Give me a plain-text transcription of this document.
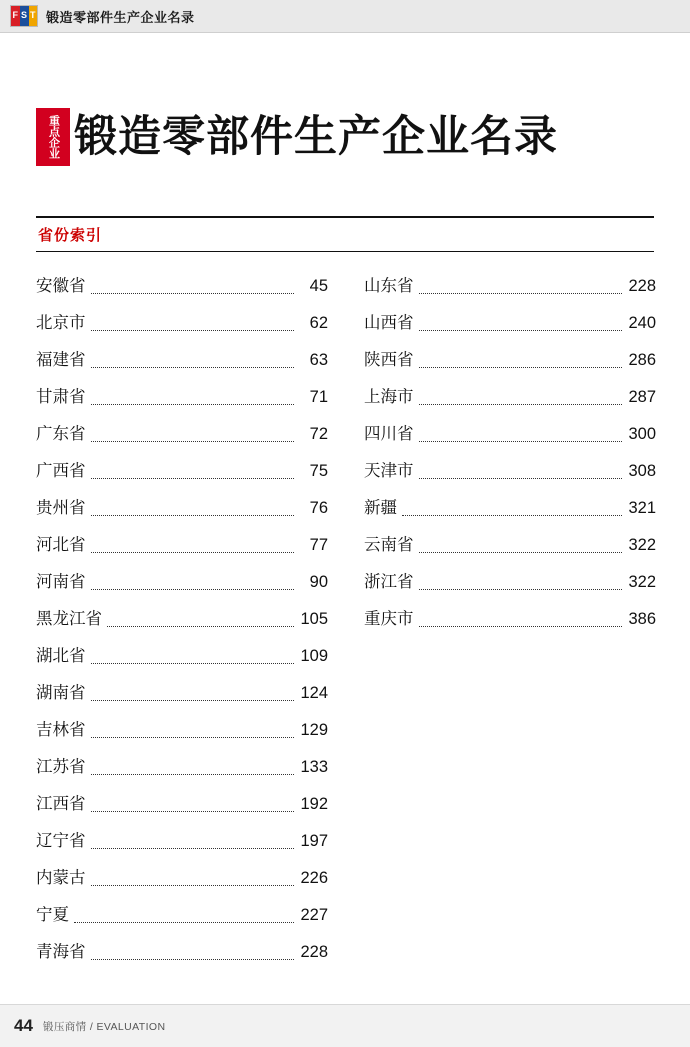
F S T 锻造零部件生产企业名录
重点企业 锻造零部件生产企业名录
省份索引
安徽省	45
北京市	62
福建省	63
甘肃省	71
广东省	72
广西省	75
贵州省	76
河北省	77
河南省	90
黑龙江省	105
湖北省	109
湖南省	124
吉林省	129
江苏省	133
江西省	192
辽宁省	197
内蒙古	226
宁夏	227
青海省	228
山东省	228
山西省	240
陕西省	286
上海市	287
四川省	300
天津市	308
新疆	321
云南省	322
浙江省	322
重庆市	386
44 锻压商情 / EVALUATION
